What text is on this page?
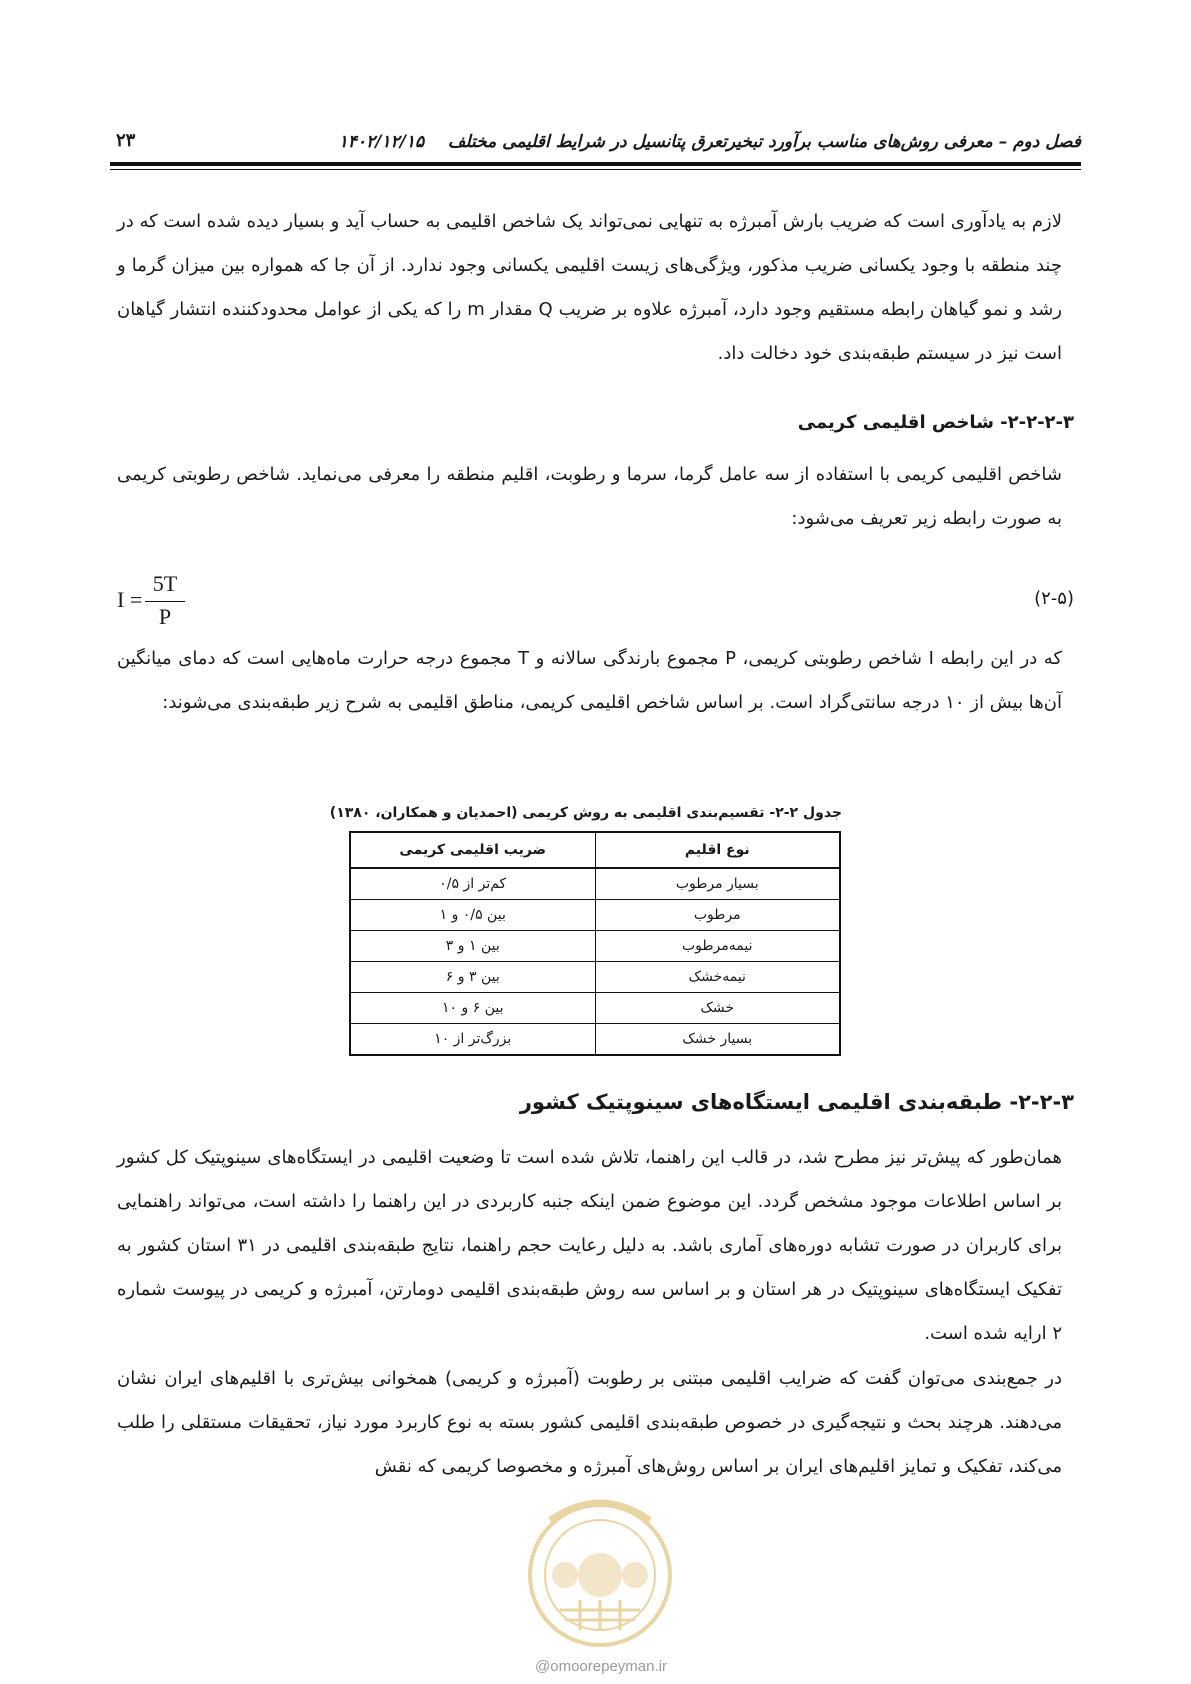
فصل دوم – معرفی روش‌های مناسب برآورد تبخیرتعرق پتانسیل در شرایط اقلیمی مختلف    ۱۴۰۲/۱۲/۱۵
۲۳

لازم به یادآوری است که ضریب بارش آمبرژه به تنهایی نمی‌تواند یک شاخص اقلیمی به حساب آید و بسیار دیده شده است که در چند منطقه با وجود یکسانی ضریب مذکور، ویژگی‌های زیست اقلیمی یکسانی وجود ندارد. از آن جا که همواره بین میزان گرما و رشد و نمو گیاهان رابطه مستقیم وجود دارد، آمبرژه علاوه بر ضریب Q مقدار m را که یکی از عوامل محدودکننده انتشار گیاهان است نیز در سیستم طبقه‌بندی خود دخالت داد.

۲-۲-۲-۳- شاخص اقلیمی کریمی

شاخص اقلیمی کریمی با استفاده از سه عامل گرما، سرما و رطوبت، اقلیم منطقه را معرفی می‌نماید. شاخص رطوبتی کریمی به صورت رابطه زیر تعریف می‌شود:

I =
5T
P
(۲-۵)

که در این رابطه I شاخص رطوبتی کریمی، P مجموع بارندگی سالانه و T مجموع درجه حرارت ماه‌هایی است که دمای میانگین آن‌ها بیش از ۱۰ درجه سانتی‌گراد است. بر اساس شاخص اقلیمی کریمی، مناطق اقلیمی به شرح زیر طبقه‌بندی می‌شوند:

جدول ۲-۲- تقسیم‌بندی اقلیمی به روش کریمی (احمدیان و همکاران، ۱۳۸۰)
نوع اقلیم	ضریب اقلیمی کریمی
بسیار مرطوب	کم‌تر از ۰/۵
مرطوب	بین ۰/۵ و ۱
نیمه‌مرطوب	بین ۱ و ۳
نیمه‌خشک	بین ۳ و ۶
خشک	بین ۶ و ۱۰
بسیار خشک	بزرگ‌تر از ۱۰
۲-۲-۳- طبقه‌بندی اقلیمی ایستگاه‌های سینوپتیک کشور

همان‌طور که پیش‌تر نیز مطرح شد، در قالب این راهنما، تلاش شده است تا وضعیت اقلیمی در ایستگاه‌های سینوپتیک کل کشور بر اساس اطلاعات موجود مشخص گردد. این موضوع ضمن اینکه جنبه کاربردی در این راهنما را داشته است، می‌تواند راهنمایی برای کاربران در صورت تشابه دوره‌های آماری باشد. به دلیل رعایت حجم راهنما، نتایج طبقه‌بندی اقلیمی در ۳۱ استان کشور به تفکیک ایستگاه‌های سینوپتیک در هر استان و بر اساس سه روش طبقه‌بندی اقلیمی دومارتن، آمبرژه و کریمی در پیوست شماره ۲ ارایه شده است.

در جمع‌بندی می‌توان گفت که ضرایب اقلیمی مبتنی بر رطوبت (آمبرژه و کریمی) همخوانی بیش‌تری با اقلیم‌های ایران نشان می‌دهند. هرچند بحث و نتیجه‌گیری در خصوص طبقه‌بندی اقلیمی کشور بسته به نوع کاربرد مورد نیاز، تحقیقات مستقلی را طلب می‌کند، تفکیک و تمایز اقلیم‌های ایران بر اساس روش‌های آمبرژه و مخصوصا کریمی که نقش

@omoorepeyman.ir
